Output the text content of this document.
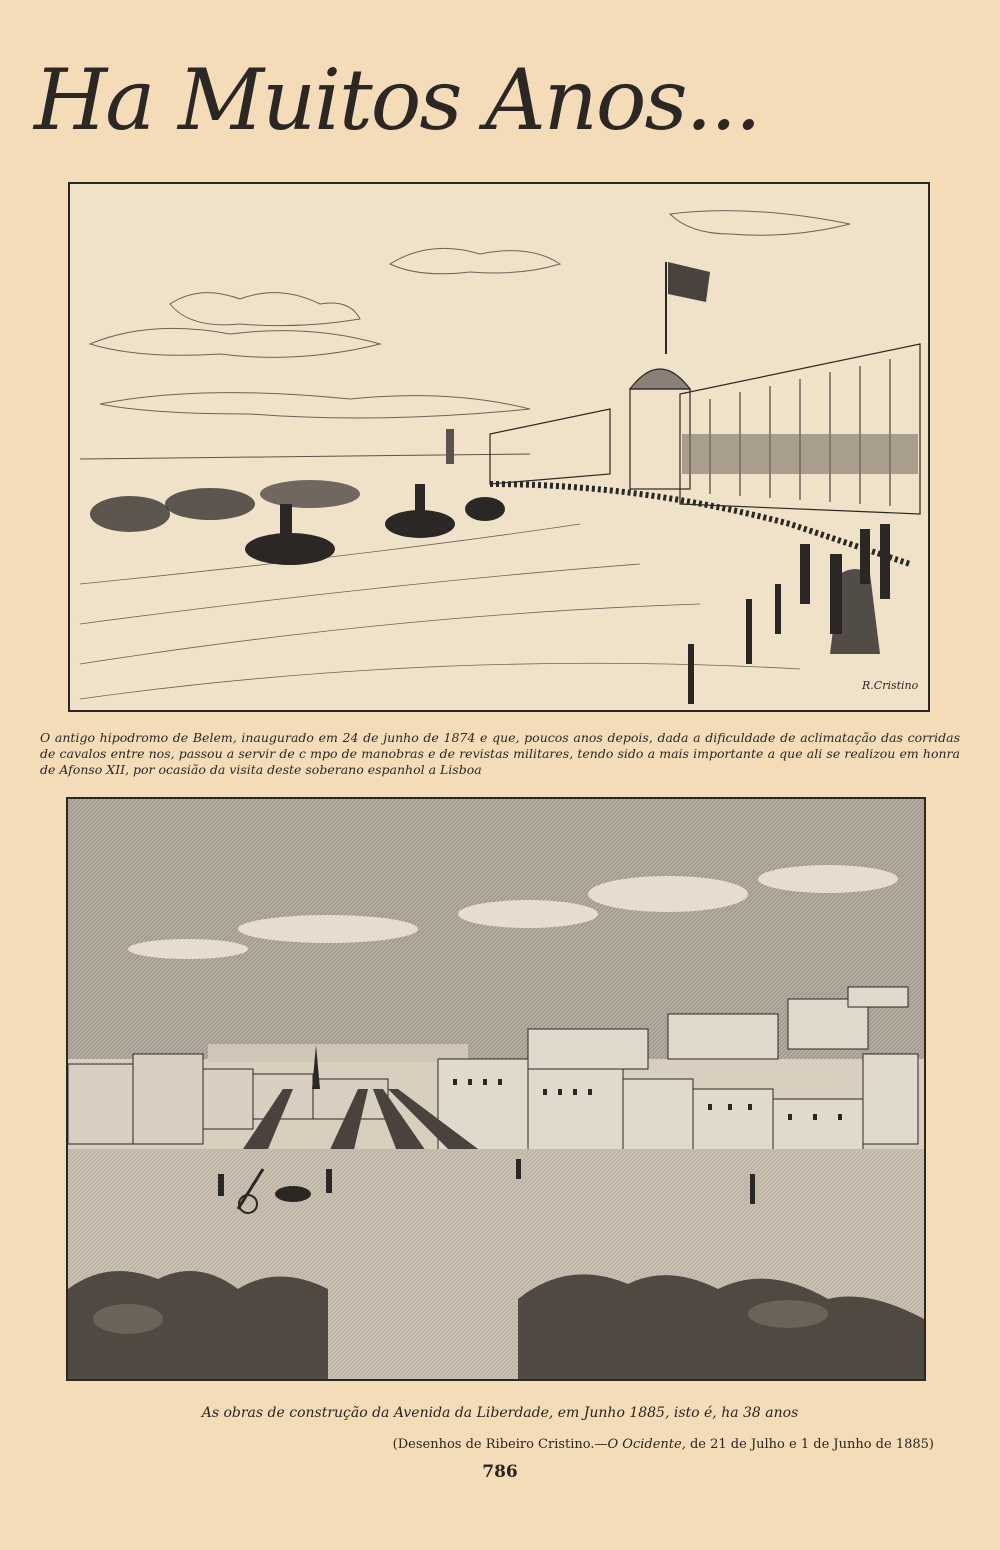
Ha Muitos Anos...
R.Cristino

O antigo hipodromo de Belem, inaugurado em 24 de junho de 1874 e que, poucos anos depois, dada a dificuldade de aclimatação das corridas de cavalos entre nos, passou a servir de c mpo de manobras e de revistas militares, tendo sido a mais importante a que ali se realizou em honra de Afonso XII, por ocasião da visita deste soberano espanhol a Lisboa

As obras de construção da Avenida da Liberdade, em Junho 1885, isto é, ha 38 anos

(Desenhos de Ribeiro Cristino.—O Ocidente, de 21 de Julho e 1 de Junho de 1885)

786
